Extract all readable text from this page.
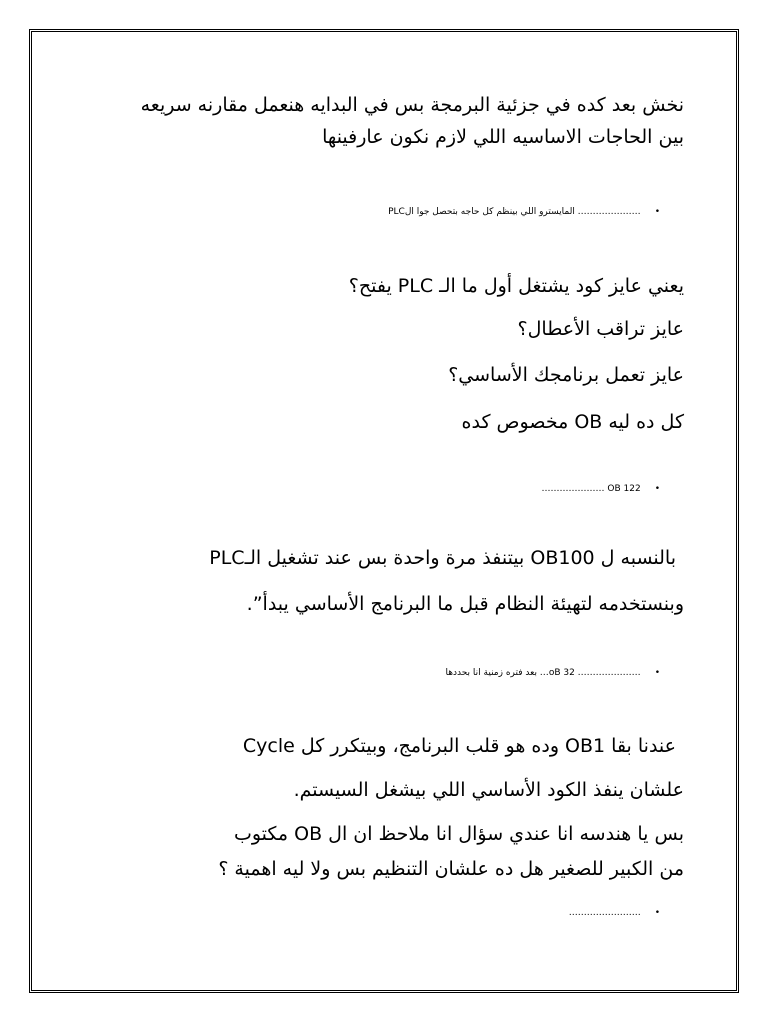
نخش بعد كده في جزئية البرمجة بس في البدايه هنعمل مقارنه سريعه
بين الحاجات الاساسيه اللي لازم نكون عارفينها
•
………………… المايسترو اللي بينظم كل حاجه بتحصل جوا الPLC
يعني عايز كود يشتغل أول ما الـ PLC يفتح؟
عايز تراقب الأعطال؟
عايز تعمل برنامجك الأساسي؟
كل ده ليه OB مخصوص كده
•
OB 122 …………………
بالنسبه ل OB100 بيتنفذ مرة واحدة بس عند تشغيل الـPLC
وبنستخدمه لتهيئة النظام قبل ما البرنامج الأساسي يبدأ”.
•
………………… oB 32… بعد فتره زمنية انا بحددها
عندنا بقا OB1 وده هو قلب البرنامج، وبيتكرر كل Cycle
علشان ينفذ الكود الأساسي اللي بيشغل السيستم.
بس يا هندسه انا عندي سؤال انا ملاحظ ان ال OB مكتوب
من الكبير للصغير هل ده علشان التنظيم بس ولا ليه اهمية ؟
•
……………………
